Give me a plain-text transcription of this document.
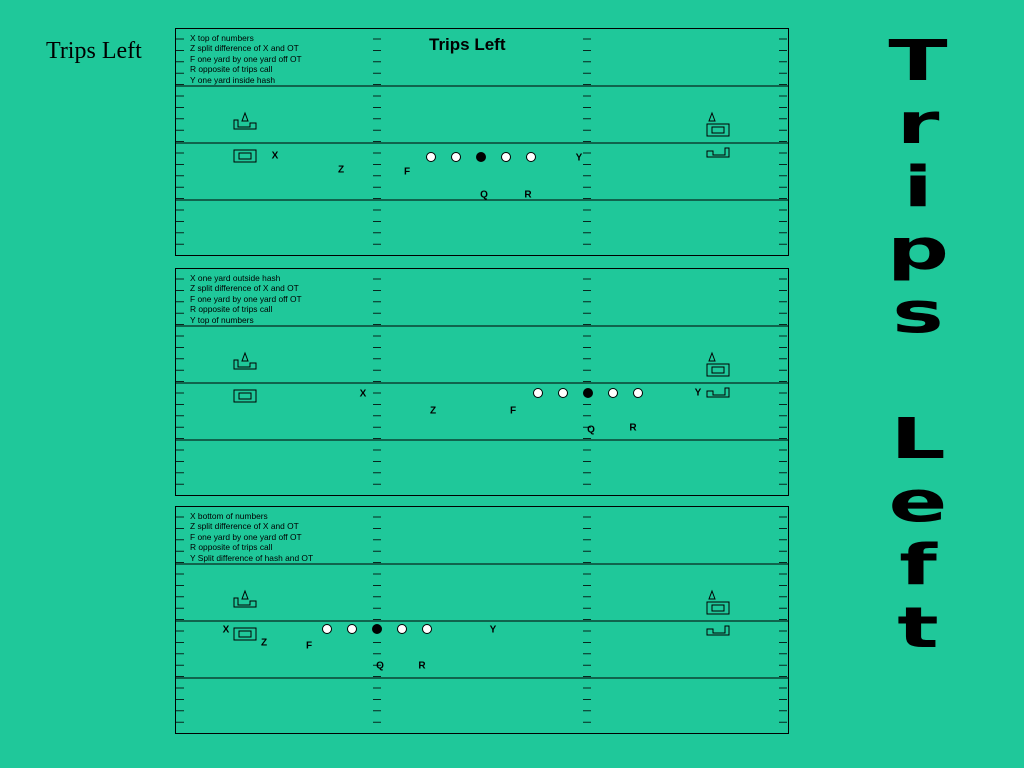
Trips Left	X top of numbers
Z split difference of X and OT
F one yard by one yard off OT
R opposite of trips call
Y one yard inside hash
Trips Left
X
Z	F
Y
Q	R
X one yard outside hash
Z split difference of X and OT
F one yard by one yard off OT
R opposite of trips call
Y top of numbers
X
Z	F
Y
Q	R
X bottom of numbers
Z split difference of X and OT
F one yard by one yard off OT
R opposite of trips call
Y Split difference of hash and OT
X
Z	F
Y
Q	R
T
r
i
p
s
L
e
f
t
